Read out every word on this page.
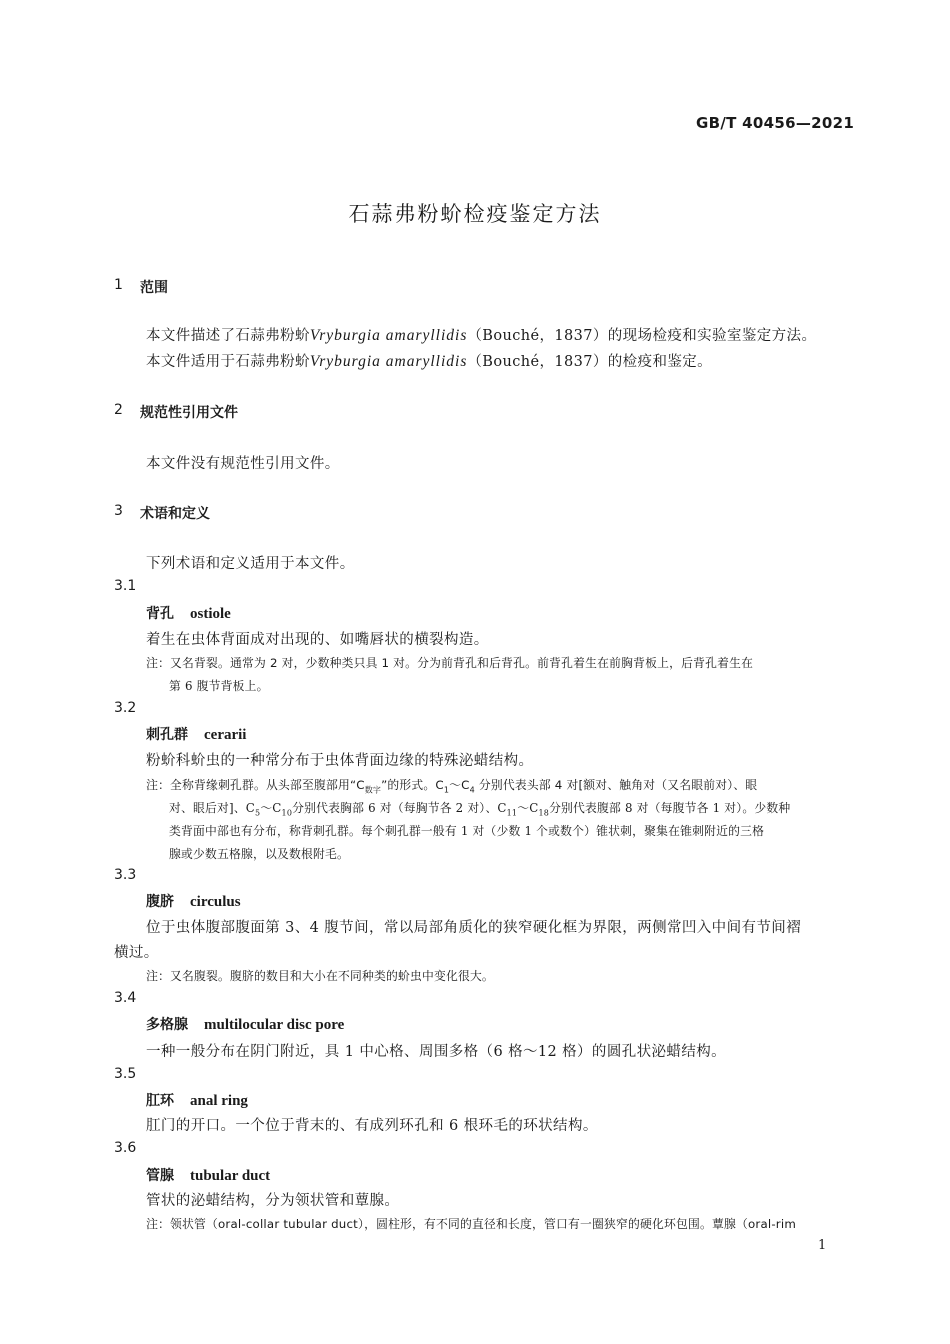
GB/T 40456—2021
石蒜弗粉蚧检疫鉴定方法
1 范围
本文件描述了石蒜弗粉蚧Vryburgia amaryllidis（Bouché，1837）的现场检疫和实验室鉴定方法。
本文件适用于石蒜弗粉蚧Vryburgia amaryllidis（Bouché，1837）的检疫和鉴定。
2 规范性引用文件
本文件没有规范性引用文件。
3 术语和定义
下列术语和定义适用于本文件。
3.1
背孔 ostiole
着生在虫体背面成对出现的、如嘴唇状的横裂构造。
注：又名背裂。通常为 2 对，少数种类只具 1 对。分为前背孔和后背孔。前背孔着生在前胸背板上，后背孔着生在
第 6 腹节背板上。
3.2
刺孔群 cerarii
粉蚧科蚧虫的一种常分布于虫体背面边缘的特殊泌蜡结构。
注：全称背缘刺孔群。从头部至腹部用“$C_{数字}$”的形式。$C_1\sim C_4$ 分别代表头部 4 对[额对、触角对（又名眼前对）、眼
对、眼后对]、$C_5\sim C_{10}$分别代表胸部 6 对（每胸节各 2 对）、$C_{11}\sim C_{18}$分别代表腹部 8 对（每腹节各 1 对）。少数种
类背面中部也有分布，称背刺孔群。每个刺孔群一般有 1 对（少数 1 个或数个）锥状刺，聚集在锥刺附近的三格
腺或少数五格腺，以及数根附毛。
3.3
腹脐 circulus
位于虫体腹部腹面第 3、4 腹节间，常以局部角质化的狭窄硬化框为界限，两侧常凹入中间有节间褶
横过。
注：又名腹裂。腹脐的数目和大小在不同种类的蚧虫中变化很大。
3.4
多格腺 multilocular disc pore
一种一般分布在阴门附近，具 1 中心格、周围多格（6 格～12 格）的圆孔状泌蜡结构。
3.5
肛环 anal ring
肛门的开口。一个位于背末的、有成列环孔和 6 根环毛的环状结构。
3.6
管腺 tubular duct
管状的泌蜡结构，分为领状管和蕈腺。
注：领状管（oral-collar tubular duct），圆柱形，有不同的直径和长度，管口有一圈狭窄的硬化环包围。蕈腺（oral-rim
1
